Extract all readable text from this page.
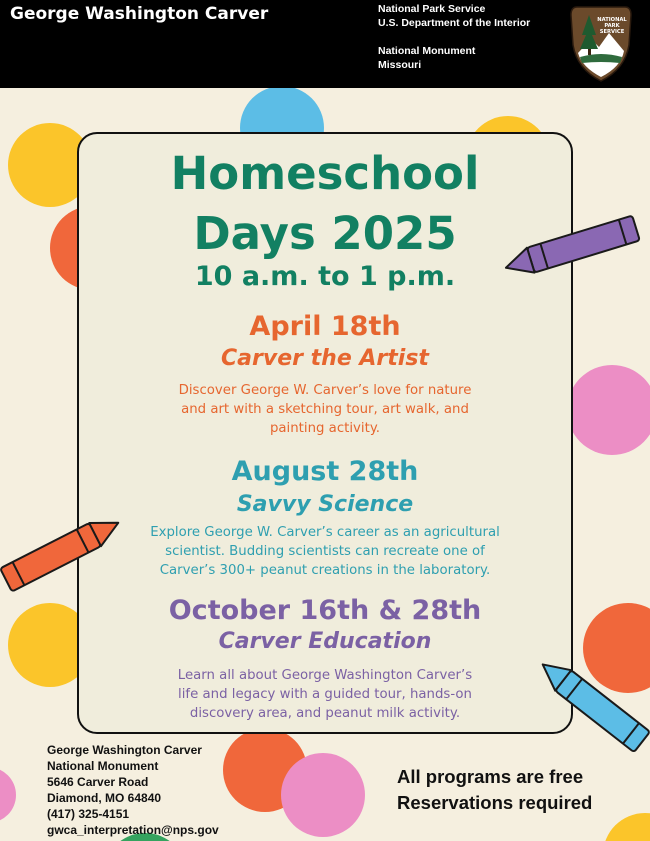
George Washington Carver	National Park Service
U.S. Department of the Interior
National Monument
Missouri
NATIONAL
PARK
SERVICE
Homeschool
Days 2025
10 a.m. to 1 p.m.
April 18th
Carver the Artist
Discover George W. Carver’s love for nature
and art with a sketching tour, art walk, and
painting activity.
August 28th
Savvy Science
Explore George W. Carver’s career as an agricultural
scientist. Budding scientists can recreate one of
Carver’s 300+ peanut creations in the laboratory.
October 16th & 28th
Carver Education
Learn all about George Washington Carver’s
life and legacy with a guided tour, hands-on
discovery area, and peanut milk activity.
George Washington Carver
National Monument
5646 Carver Road
Diamond, MO 64840
(417) 325-4151
gwca_interpretation@nps.gov
All programs are free
Reservations required
